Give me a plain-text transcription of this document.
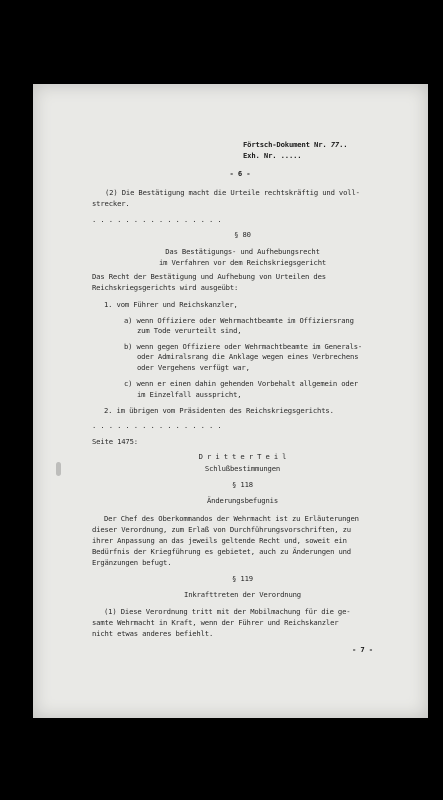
Förtsch-Dokument Nr. 77..

Exh. Nr. .....

- 6 -

(2) Die Bestätigung macht die Urteile rechtskräftig und voll-

strecker.

. . . . . . . . . . . . . . . .

§ 80

Das Bestätigungs- und Aufhebungsrecht

im Verfahren vor dem Reichskriegsgericht

Das Recht der Bestätigung und Aufhebung von Urteilen des

Reichskriegsgerichts wird ausgeübt:

1. vom Führer und Reichskanzler,

a) wenn Offiziere oder Wehrmachtbeamte im Offiziersrang

zum Tode verurteilt sind,

b) wenn gegen Offiziere oder Wehrmachtbeamte im Generals-

oder Admiralsrang die Anklage wegen eines Verbrechens

oder Vergehens verfügt war,

c) wenn er einen dahin gehenden Vorbehalt allgemein oder

im Einzelfall ausspricht,

2. im übrigen vom Präsidenten des Reichskriegsgerichts.

. . . . . . . . . . . . . . . .

Seite 1475:

D r i t t e r T e i l

Schlußbestimmungen

§ 118

Änderungsbefugnis

Der Chef des Oberkommandos der Wehrmacht ist zu Erläuterungen

dieser Verordnung, zum Erlaß von Durchführungsvorschriften, zu

ihrer Anpassung an das jeweils geltende Recht und, soweit ein

Bedürfnis der Kriegführung es gebietet, auch zu Änderungen und

Ergänzungen befugt.

§ 119

Inkrafttreten der Verordnung

(1) Diese Verordnung tritt mit der Mobilmachung für die ge-

samte Wehrmacht in Kraft, wenn der Führer und Reichskanzler

nicht etwas anderes befiehlt.

- 7 -
